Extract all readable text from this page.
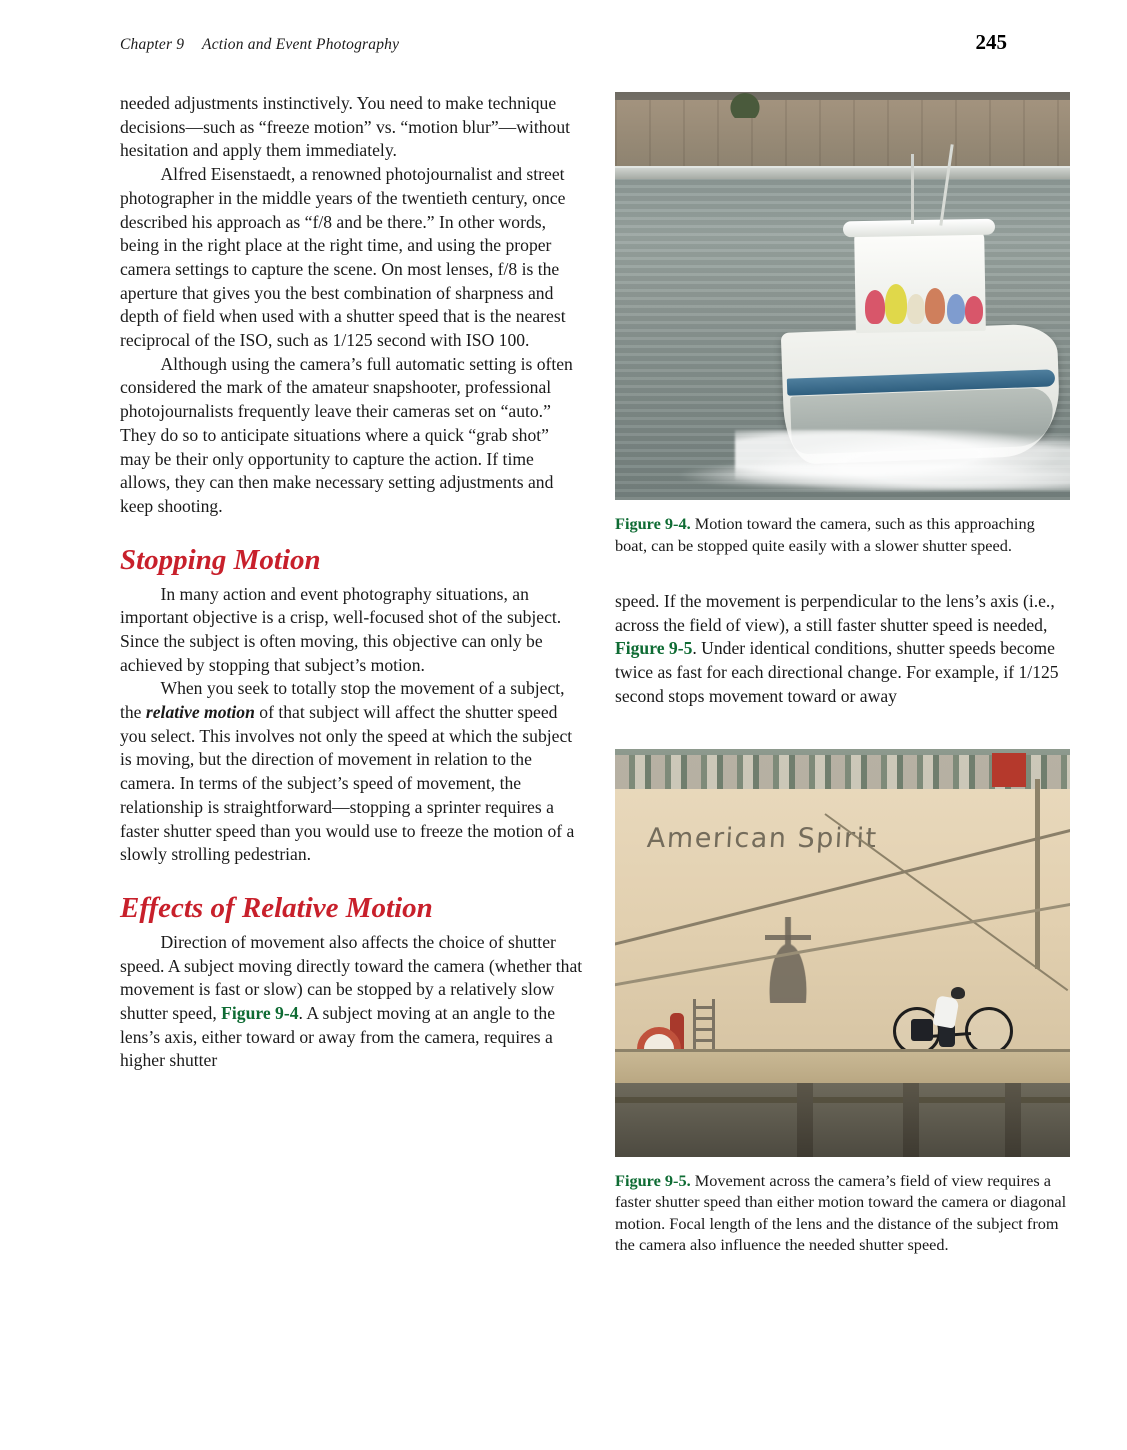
Chapter 9 Action and Event Photography	245

needed adjustments instinctively. You need to make technique decisions—such as “freeze motion” vs. “motion blur”—without hesitation and apply them immediately.

Alfred Eisenstaedt, a renowned photojournalist and street photographer in the middle years of the twentieth century, once described his approach as “f/8 and be there.” In other words, being in the right place at the right time, and using the proper camera settings to capture the scene. On most lenses, f/8 is the aperture that gives you the best combination of sharpness and depth of field when used with a shutter speed that is the nearest reciprocal of the ISO, such as 1/125 second with ISO 100.

Although using the camera’s full automatic setting is often considered the mark of the amateur snapshooter, professional photojournalists frequently leave their cameras set on “auto.” They do so to anticipate situations where a quick “grab shot” may be their only opportunity to capture the action. If time allows, they can then make necessary setting adjustments and keep shooting.

Stopping Motion

In many action and event photography situations, an important objective is a crisp, well-focused shot of the subject. Since the subject is often moving, this objective can only be achieved by stopping that subject’s motion.

When you seek to totally stop the movement of a subject, the relative motion of that subject will affect the shutter speed you select. This involves not only the speed at which the subject is moving, but the direction of movement in relation to the camera. In terms of the subject’s speed of movement, the relationship is straightforward—stopping a sprinter requires a faster shutter speed than you would use to freeze the motion of a slowly strolling pedestrian.

Effects of Relative Motion

Direction of movement also affects the choice of shutter speed. A subject moving directly toward the camera (whether that movement is fast or slow) can be stopped by a relatively slow shutter speed, Figure 9-4. A subject moving at an angle to the lens’s axis, either toward or away from the camera, requires a higher shutter

Figure 9-4. Motion toward the camera, such as this approaching boat, can be stopped quite easily with a slower shutter speed.

speed. If the movement is perpendicular to the lens’s axis (i.e., across the field of view), a still faster shutter speed is needed, Figure 9-5. Under identical conditions, shutter speeds become twice as fast for each directional change. For example, if 1/125 second stops movement toward or away

American Spirit
Figure 9-5. Movement across the camera’s field of view requires a faster shutter speed than either motion toward the camera or diagonal motion. Focal length of the lens and the distance of the subject from the camera also influence the needed shutter speed.
